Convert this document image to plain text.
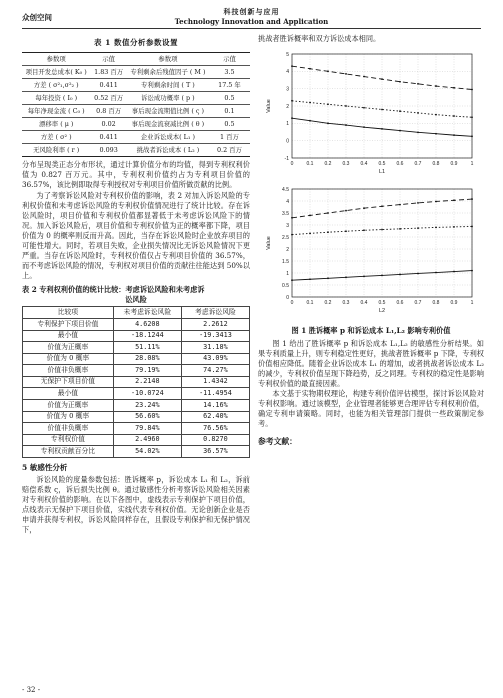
众创空间
科技创新与应用
Technology Innovation and Application
表 1 数值分析参数设置
参数项	示值	参数项	示值
项目开发总成本( K₀ )	1.83 百万	专利剩余后残值因子 ( M )	3.5
方差 ( σ²₁,σ²₂ )	0.411	专利剩余时间 ( T )	17.5 年
每年投资 ( I₀ )	0.52 百万	诉讼成功概率 ( p )	0.5
每年净现金流 ( C₀ )	0.8 百万	事后现金流期值比例 ( ς )	0.1
漂移率 ( μ )	0.02	事后现金流衰减比例 ( θ )	0.5
方差 ( σ² )	0.411	企业诉讼成本( L₁ )	1 百万
无风险利率 ( r )	0.093	挑战者诉讼成本 ( L₂ )	0.2 百万

分布呈现类正态分布形状，通过计算价值分布的均值，得到专利权利价值为 0.827 百万元。其中，专利权利价值约占为专利项目价值的 36.57%，该比例即取得专利授权对专利项目价值所做贡献的比例。

为了考察诉讼风险对专利权价值的影响，表 2 对加入诉讼风险的专利权价值和未考虑诉讼风险的专利权价值情况进行了统计比较。存在诉讼风险时，项目价值和专利权价值都显著低于未考虑诉讼风险下的情况。加入诉讼风险后，项目价值和专利权价值为正的概率都下降，项目价值为 0 的概率则反而升高。因此，当存在诉讼风险时企业放弃项目的可能性增大。同时，若项目失败，企业损失情况比无诉讼风险情况下更严重。当存在诉讼风险时，专利权价值仅占专利项目价值的 36.57%，而不考虑诉讼风险的情况，专利权对项目价值的贡献往往能达到 50%以上。

表 2 专利权利价值的统计比较：考虑诉讼风险和未考虑诉
讼风险
比较项	未考虑诉讼风险	考虑诉讼风险
专利保护下项目价值	4.6208	2.2612
最小值	-18.1244	-19.3413
价值为正概率	51.11%	31.18%
价值为 0 概率	28.08%	43.09%
价值非负概率	79.19%	74.27%
无保护下项目价值	2.2148	1.4342
最小值	-10.0724	-11.4954
价值为正概率	23.24%	14.16%
价值为 0 概率	56.60%	62.40%
价值非负概率	79.84%	76.56%
专利权价值	2.4960	0.8270
专利权贡献百分比	54.02%	36.57%
5 敏感性分析

诉讼风险的度量参数包括：胜诉概率 p，诉讼成本 L₁ 和 L₂，诉前赔偿系数 ς，诉后损失比例 θ。通过敏感性分析考察诉讼风险相关因素对专利权价值的影响。在以下各图中，虚线表示专利保护下项目价值，点线表示无保护下项目价值，实线代表专利权价值。无论创新企业是否申请并获得专利权，诉讼风险同样存在，且假设专利保护和无保护情况下，

挑战者胜诉概率和双方诉讼成本相同。

0	0.1 0.2 0.3 0.4 0.5 0.6 0.7 0.8 0.9	1
-1
0
1
2
3
4
5
L1
Value

0	0.1 0.2 0.3 0.4 0.5 0.6 0.7 0.8 0.9	1
0
0.5
1
1.5
2
2.5
3
3.5
4
4.5
L2
Value
图 1 胜诉概率 p 和诉讼成本 L₁,L₂ 影响专利价值

图 1 给出了胜诉概率 p 和诉讼成本 L₁,L₂ 的敏感性分析结果。如果专利质量上升，则专利稳定性更好，挑战者胜诉概率 p 下降，专利权价值相应降低。随着企业诉讼成本 L₁ 的增加，或者挑战者诉讼成本 L₂ 的减少，专利权价值呈现下降趋势，反之同理。专利权的稳定性是影响专利权价值的最直接因素。

本文基于实物期权理论，构建专利价值评估模型，探讨诉讼风险对专利权影响。通过该模型，企业管理者能够更合理评估专利权利价值，确定专利申请策略。同时，也能为相关管理部门提供一些政策制定参考。

参考文献：
- 32 -
